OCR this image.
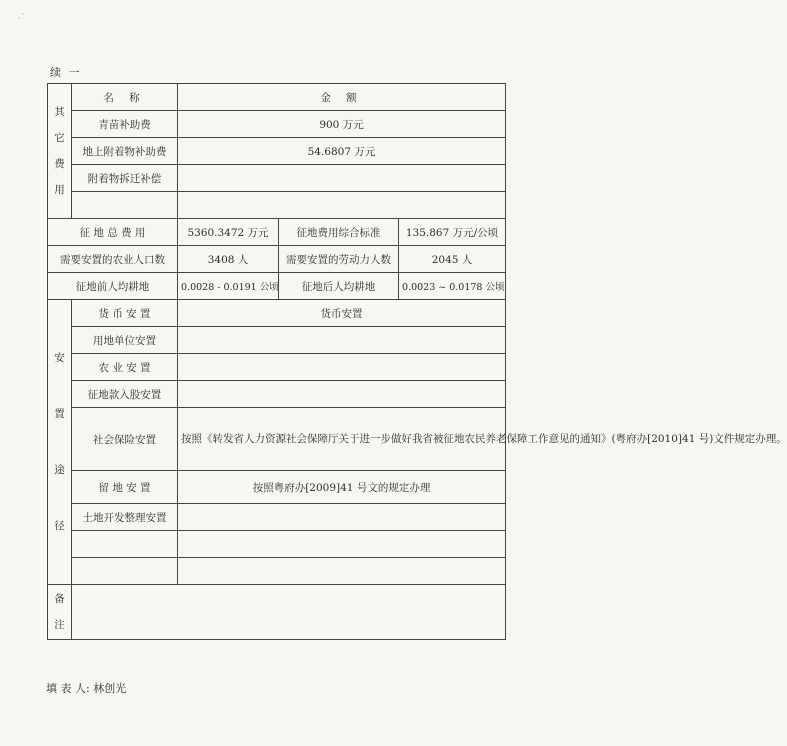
·`
续 一
其
它
费
用	名 称	金 额		
	青苗补助费	900 万元		
	地上附着物补助费	54.6807 万元		
	附着物拆迁补偿			

征 地 总 费 用		5360.3472 万元	征地费用综合标准	135.867 万元/公顷
需要安置的农业人口数		3408 人	需要安置的劳动力人数	2045 人
征地前人均耕地		0.0028 - 0.0191 公顷	征地后人均耕地	0.0023 ~ 0.0178 公顷

安
置
途
径	货 币 安 置	货币安置		
	用地单位安置			
	农 业 安 置			
	征地款入股安置			
	社会保险安置	按照《转发省人力资源社会保障厅关于进一步做好我省被征地农民养老保障工作意见的通知》(粤府办[2010]41 号)文件规定办理。		
	留 地 安 置	按照粤府办[2009]41 号文的规定办理		
	土地开发整理安置			

备
注				

填 表 人: 林创光
